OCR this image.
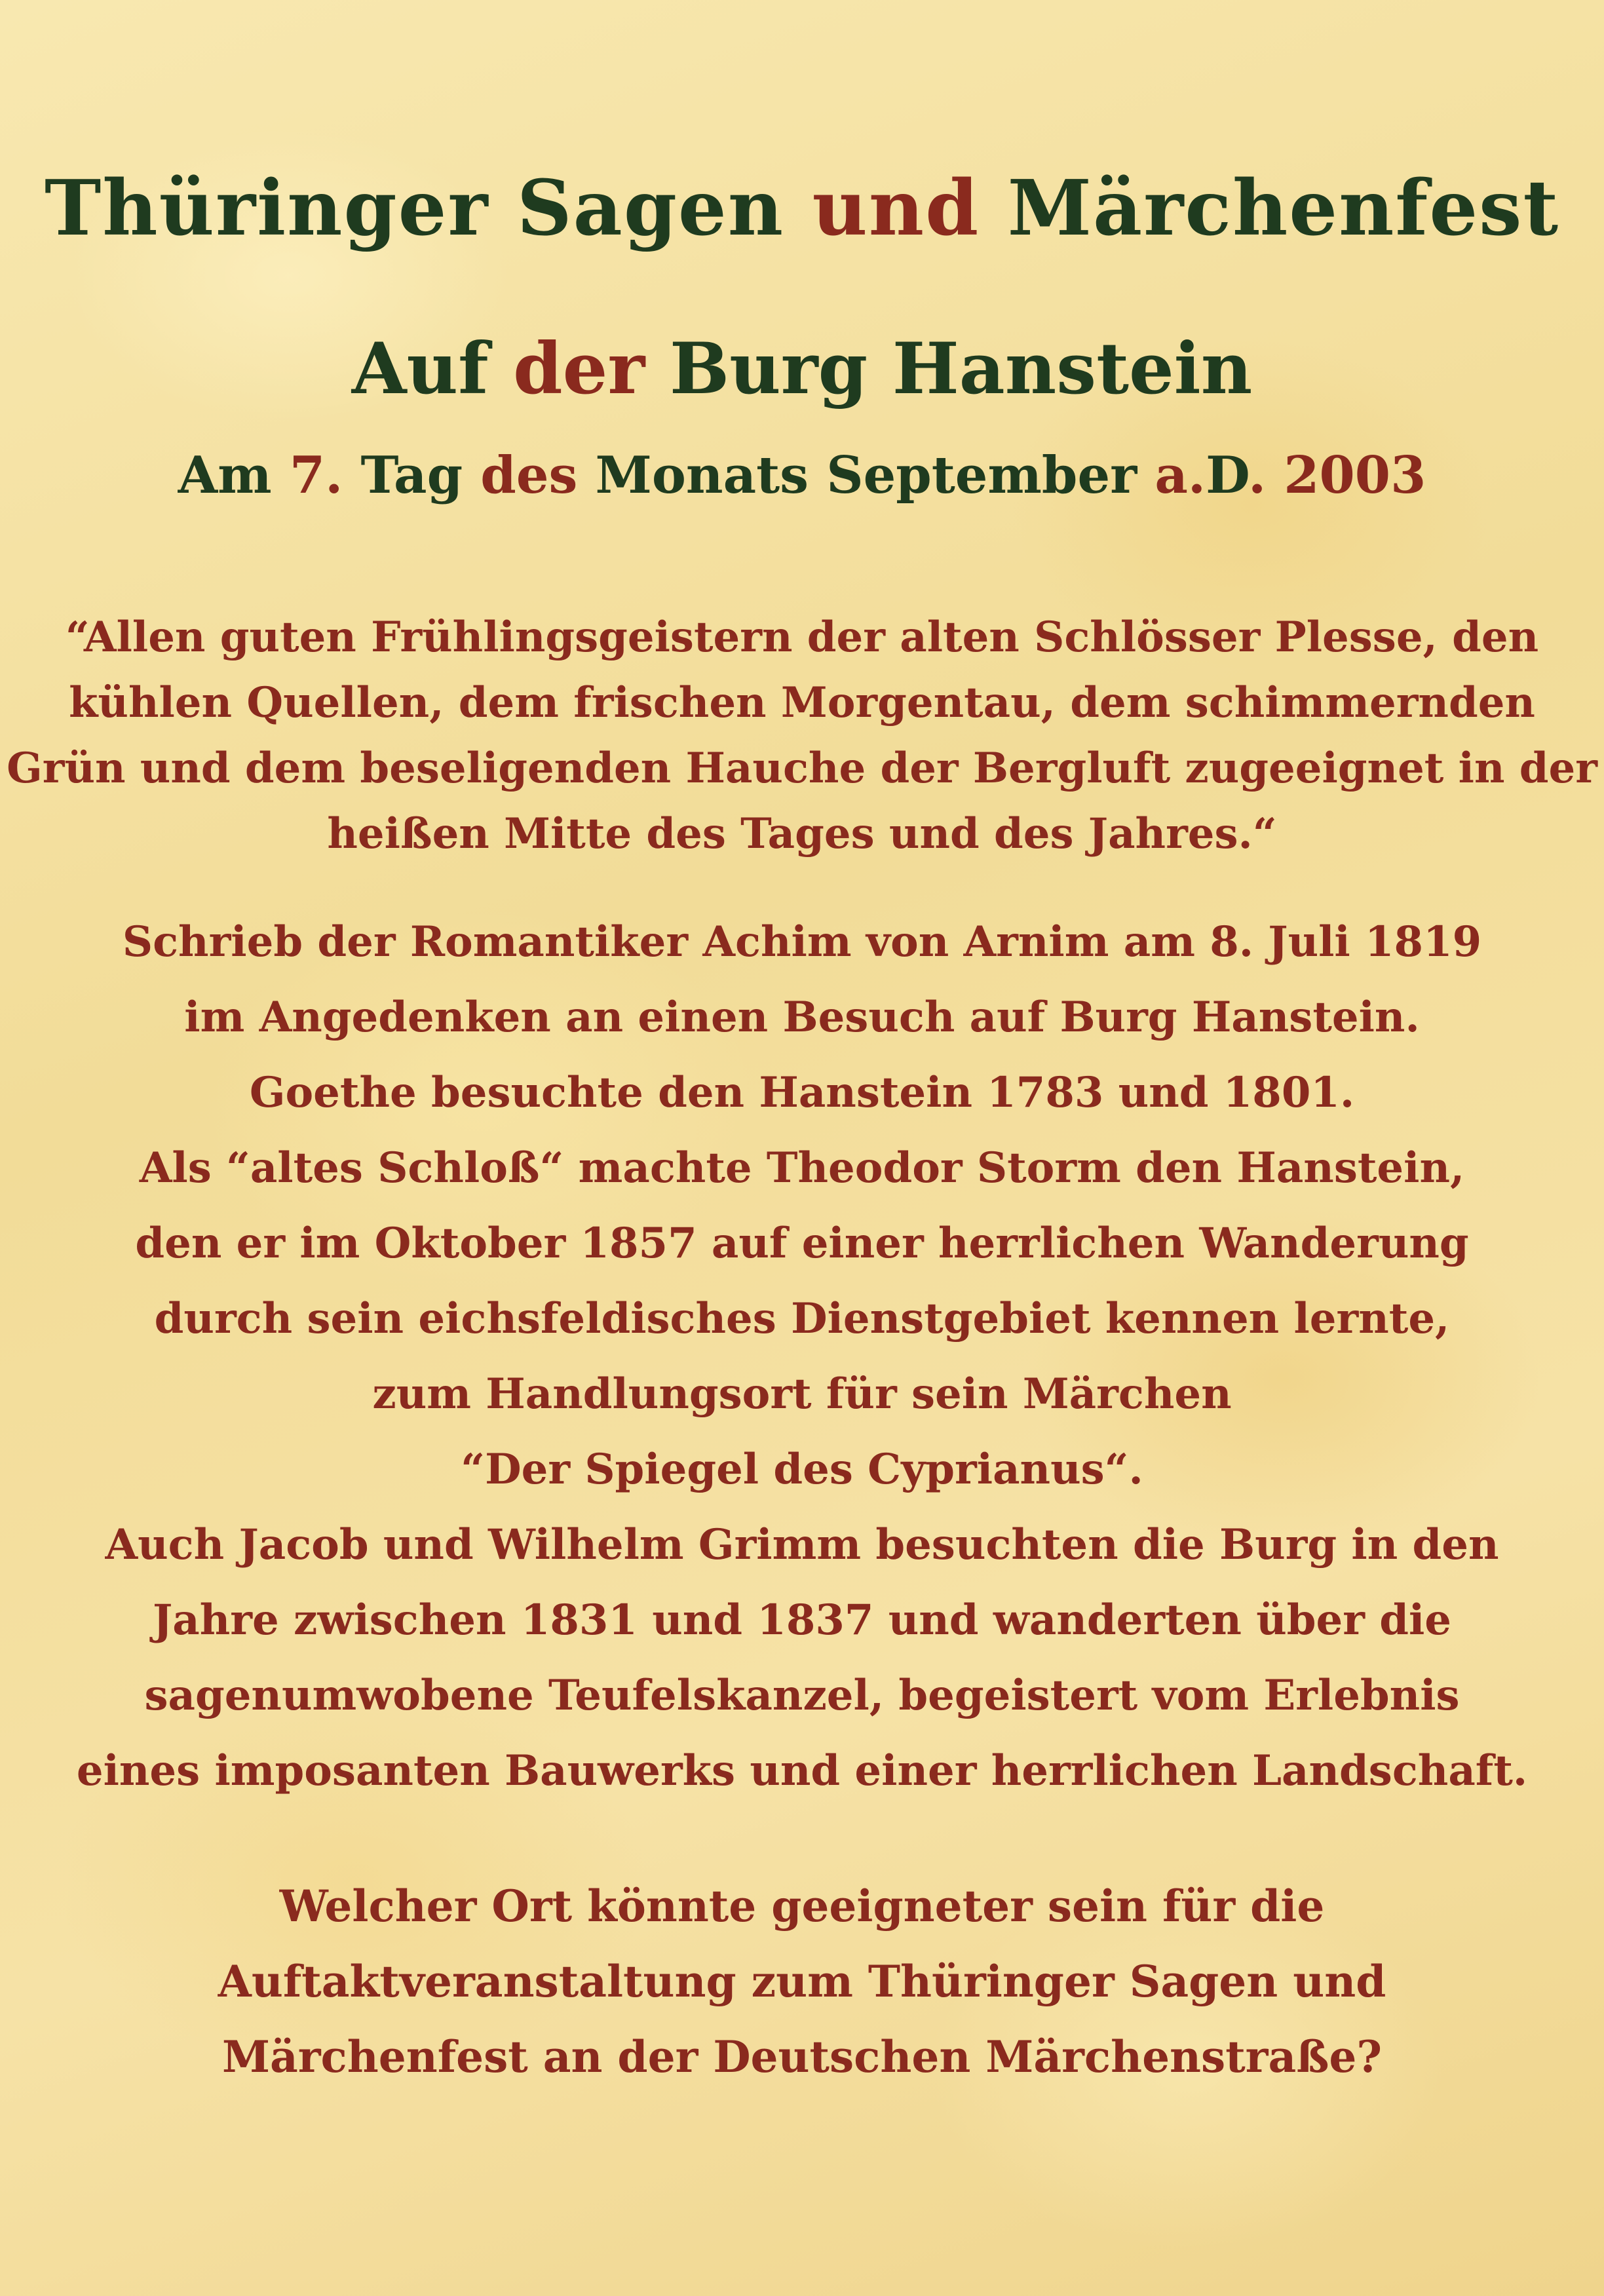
Thüringer Sagen und Märchenfest
Auf der Burg Hanstein
Am 7. Tag des Monats September a.D. 2003
“Allen guten Frühlingsgeistern der alten Schlösser Plesse, den
kühlen Quellen, dem frischen Morgentau, dem schimmernden
Grün und dem beseligenden Hauche der Bergluft zugeeignet in der
heißen Mitte des Tages und des Jahres.“
Schrieb der Romantiker Achim von Arnim am 8. Juli 1819
im Angedenken an einen Besuch auf Burg Hanstein.
Goethe besuchte den Hanstein 1783 und 1801.
Als “altes Schloß“ machte Theodor Storm den Hanstein,
den er im Oktober 1857 auf einer herrlichen Wanderung
durch sein eichsfeldisches Dienstgebiet kennen lernte,
zum Handlungsort für sein Märchen
“Der Spiegel des Cyprianus“.
Auch Jacob und Wilhelm Grimm besuchten die Burg in den
Jahre zwischen 1831 und 1837 und wanderten über die
sagenumwobene Teufelskanzel, begeistert vom Erlebnis
eines imposanten Bauwerks und einer herrlichen Landschaft.
Welcher Ort könnte geeigneter sein für die
Auftaktveranstaltung zum Thüringer Sagen und
Märchenfest an der Deutschen Märchenstraße?
